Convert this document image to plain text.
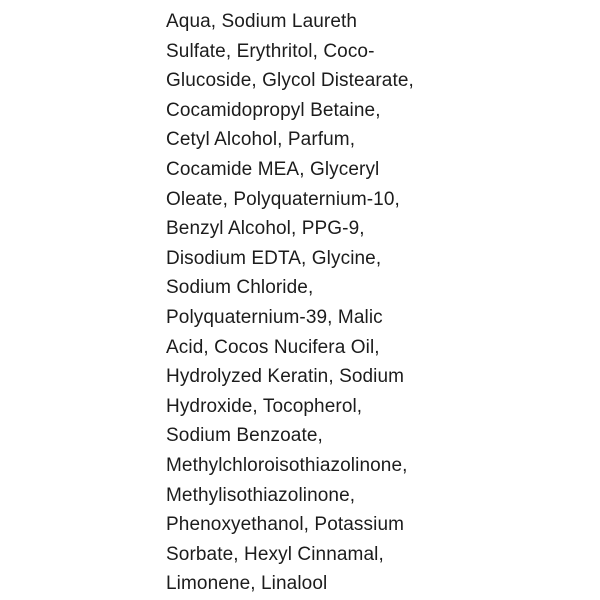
Aqua, Sodium Laureth
Sulfate, Erythritol, Coco-
Glucoside, Glycol Distearate,
Cocamidopropyl Betaine,
Cetyl Alcohol, Parfum,
Cocamide MEA, Glyceryl
Oleate, Polyquaternium-10,
Benzyl Alcohol, PPG-9,
Disodium EDTA, Glycine,
Sodium Chloride,
Polyquaternium-39, Malic
Acid, Cocos Nucifera Oil,
Hydrolyzed Keratin, Sodium
Hydroxide, Tocopherol,
Sodium Benzoate,
Methylchloroisothiazolinone,
Methylisothiazolinone,
Phenoxyethanol, Potassium
Sorbate, Hexyl Cinnamal,
Limonene, Linalool
